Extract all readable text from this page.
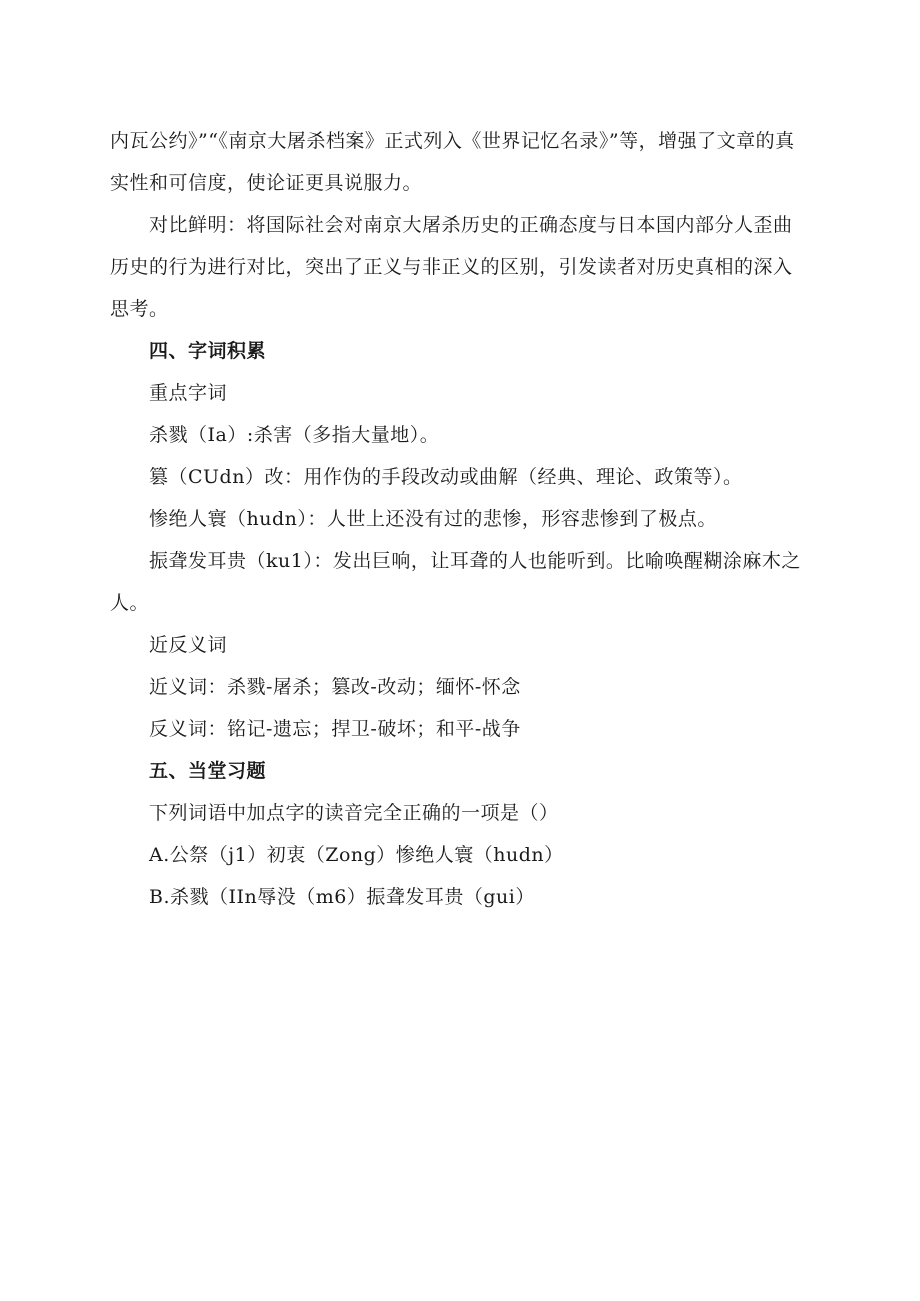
内瓦公约》”“《南京大屠杀档案》正式列入《世界记忆名录》”等，增强了文章的真实性和可信度，使论证更具说服力。

对比鲜明：将国际社会对南京大屠杀历史的正确态度与日本国内部分人歪曲历史的行为进行对比，突出了正义与非正义的区别，引发读者对历史真相的深入思考。

四、字词积累

重点字词

杀戮（Ia）:杀害（多指大量地）。

篡（CUdn）改：用作伪的手段改动或曲解（经典、理论、政策等）。

惨绝人寰（hudn）：人世上还没有过的悲惨，形容悲惨到了极点。

振聋发耳贵（ku1）：发出巨响，让耳聋的人也能听到。比喻唤醒糊涂麻木之人。

近反义词

近义词：杀戮-屠杀；篡改-改动；缅怀-怀念

反义词：铭记-遗忘；捍卫-破坏；和平-战争

五、当堂习题

下列词语中加点字的读音完全正确的一项是（）

A.公祭（j1）初衷（Zong）惨绝人寰（hudn）

B.杀戮（IIn辱没（m6）振聋发耳贵（gui）
